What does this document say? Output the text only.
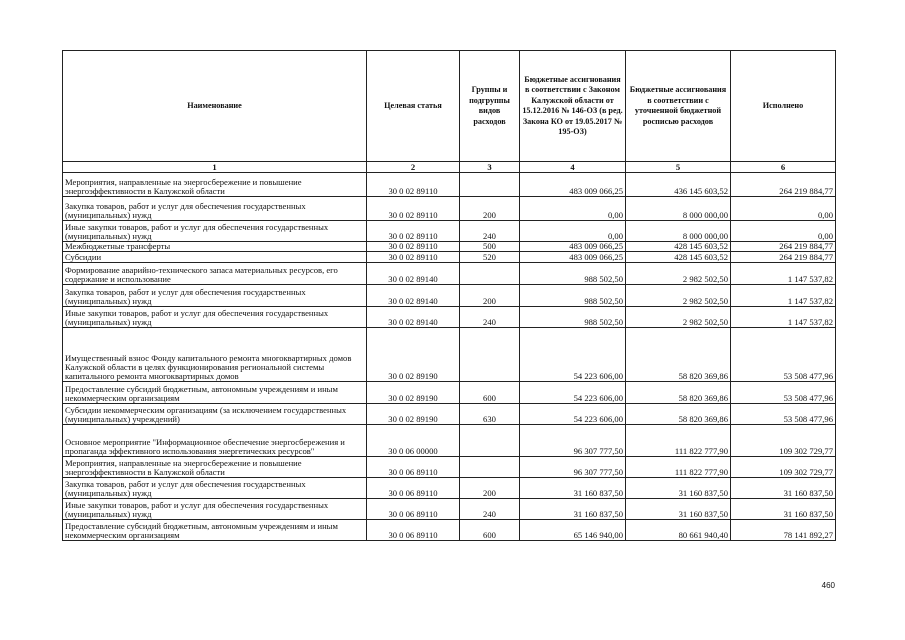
Наименование	Целевая статья	Группы и подгруппы видов расходов	Бюджетные ассигнования в соответствии с Законом Калужской области от 15.12.2016 № 146-ОЗ (в ред. Закона КО от 19.05.2017 № 195-ОЗ)	Бюджетные ассигнования в соответствии с уточненной бюджетной росписью расходов	Исполнено
1	2	3	4	5	6
Мероприятия, направленные на энергосбережение и повышение энергоэффективности в Калужской области	30 0 02 89110		483 009 066,25	436 145 603,52	264 219 884,77
Закупка товаров, работ и услуг для обеспечения государственных (муниципальных) нужд	30 0 02 89110	200	0,00	8 000 000,00	0,00
Иные закупки товаров, работ и услуг для обеспечения государственных (муниципальных) нужд	30 0 02 89110	240	0,00	8 000 000,00	0,00
Межбюджетные трансферты	30 0 02 89110	500	483 009 066,25	428 145 603,52	264 219 884,77
Субсидии	30 0 02 89110	520	483 009 066,25	428 145 603,52	264 219 884,77
Формирование аварийно-технического запаса материальных ресурсов, его содержание и использование	30 0 02 89140		988 502,50	2 982 502,50	1 147 537,82
Закупка товаров, работ и услуг для обеспечения государственных (муниципальных) нужд	30 0 02 89140	200	988 502,50	2 982 502,50	1 147 537,82
Иные закупки товаров, работ и услуг для обеспечения государственных (муниципальных) нужд	30 0 02 89140	240	988 502,50	2 982 502,50	1 147 537,82
Имущественный взнос Фонду капитального ремонта многоквартирных домов Калужской области в целях функционирования региональной системы капитального ремонта многоквартирных домов	30 0 02 89190		54 223 606,00	58 820 369,86	53 508 477,96
Предоставление субсидий бюджетным, автономным учреждениям и иным некоммерческим организациям	30 0 02 89190	600	54 223 606,00	58 820 369,86	53 508 477,96
Субсидии некоммерческим организациям (за исключением государственных (муниципальных) учреждений)	30 0 02 89190	630	54 223 606,00	58 820 369,86	53 508 477,96
Основное мероприятие "Информационное обеспечение энергосбережения и пропаганда эффективного использования энергетических ресурсов"	30 0 06 00000		96 307 777,50	111 822 777,90	109 302 729,77
Мероприятия, направленные на энергосбережение и повышение энергоэффективности в Калужской области	30 0 06 89110		96 307 777,50	111 822 777,90	109 302 729,77
Закупка товаров, работ и услуг для обеспечения государственных (муниципальных) нужд	30 0 06 89110	200	31 160 837,50	31 160 837,50	31 160 837,50
Иные закупки товаров, работ и услуг для обеспечения государственных (муниципальных) нужд	30 0 06 89110	240	31 160 837,50	31 160 837,50	31 160 837,50
Предоставление субсидий бюджетным, автономным учреждениям и иным некоммерческим организациям	30 0 06 89110	600	65 146 940,00	80 661 940,40	78 141 892,27
460
